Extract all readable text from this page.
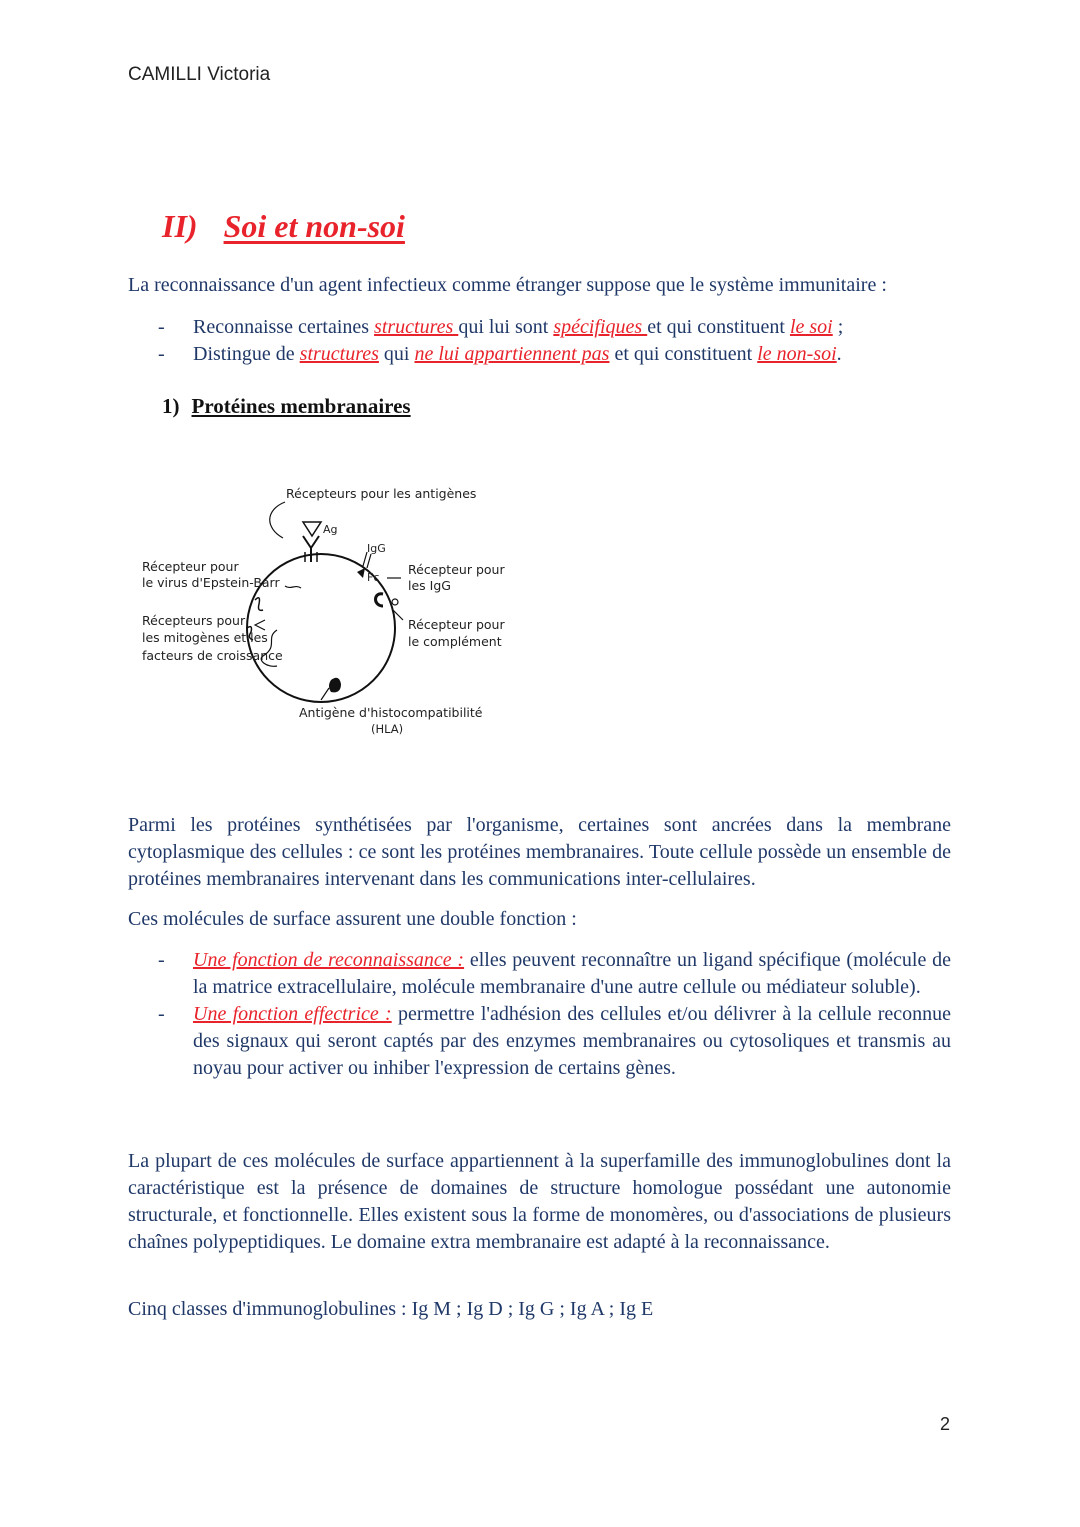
CAMILLI Victoria
II) Soi et non-soi

La reconnaissance d'un agent infectieux comme étranger suppose que le système immunitaire :

- Reconnaisse certaines structures qui lui sont spécifiques et qui constituent le soi ;
- Distingue de structures qui ne lui appartiennent pas et qui constituent le non-soi.
1) Protéines membranaires
Récepteurs pour les antigènes
Ag
IgG
Fc
Récepteur pour
les IgG
Récepteur pour
le complément
Récepteur pour
le virus d'Epstein-Barr
Récepteurs pour
les mitogènes et les
facteurs de croissance
Antigène d'histocompatibilité
(HLA)

Parmi les protéines synthétisées par l'organisme, certaines sont ancrées dans la membrane cytoplasmique des cellules : ce sont les protéines membranaires. Toute cellule possède un ensemble de protéines membranaires intervenant dans les communications inter-cellulaires.

Ces molécules de surface assurent une double fonction :

- Une fonction de reconnaissance : elles peuvent reconnaître un ligand spécifique (molécule de la matrice extracellulaire, molécule membranaire d'une autre cellule ou médiateur soluble).
- Une fonction effectrice : permettre l'adhésion des cellules et/ou délivrer à la cellule reconnue des signaux qui seront captés par des enzymes membranaires ou cytosoliques et transmis au noyau pour activer ou inhiber l'expression de certains gènes.

La plupart de ces molécules de surface appartiennent à la superfamille des immunoglobulines dont la caractéristique est la présence de domaines de structure homologue possédant une autonomie structurale, et fonctionnelle. Elles existent sous la forme de monomères, ou d'associations de plusieurs chaînes polypeptidiques. Le domaine extra membranaire est adapté à la reconnaissance.

Cinq classes d'immunoglobulines : Ig M ; Ig D ; Ig G ; Ig A ; Ig E

2
